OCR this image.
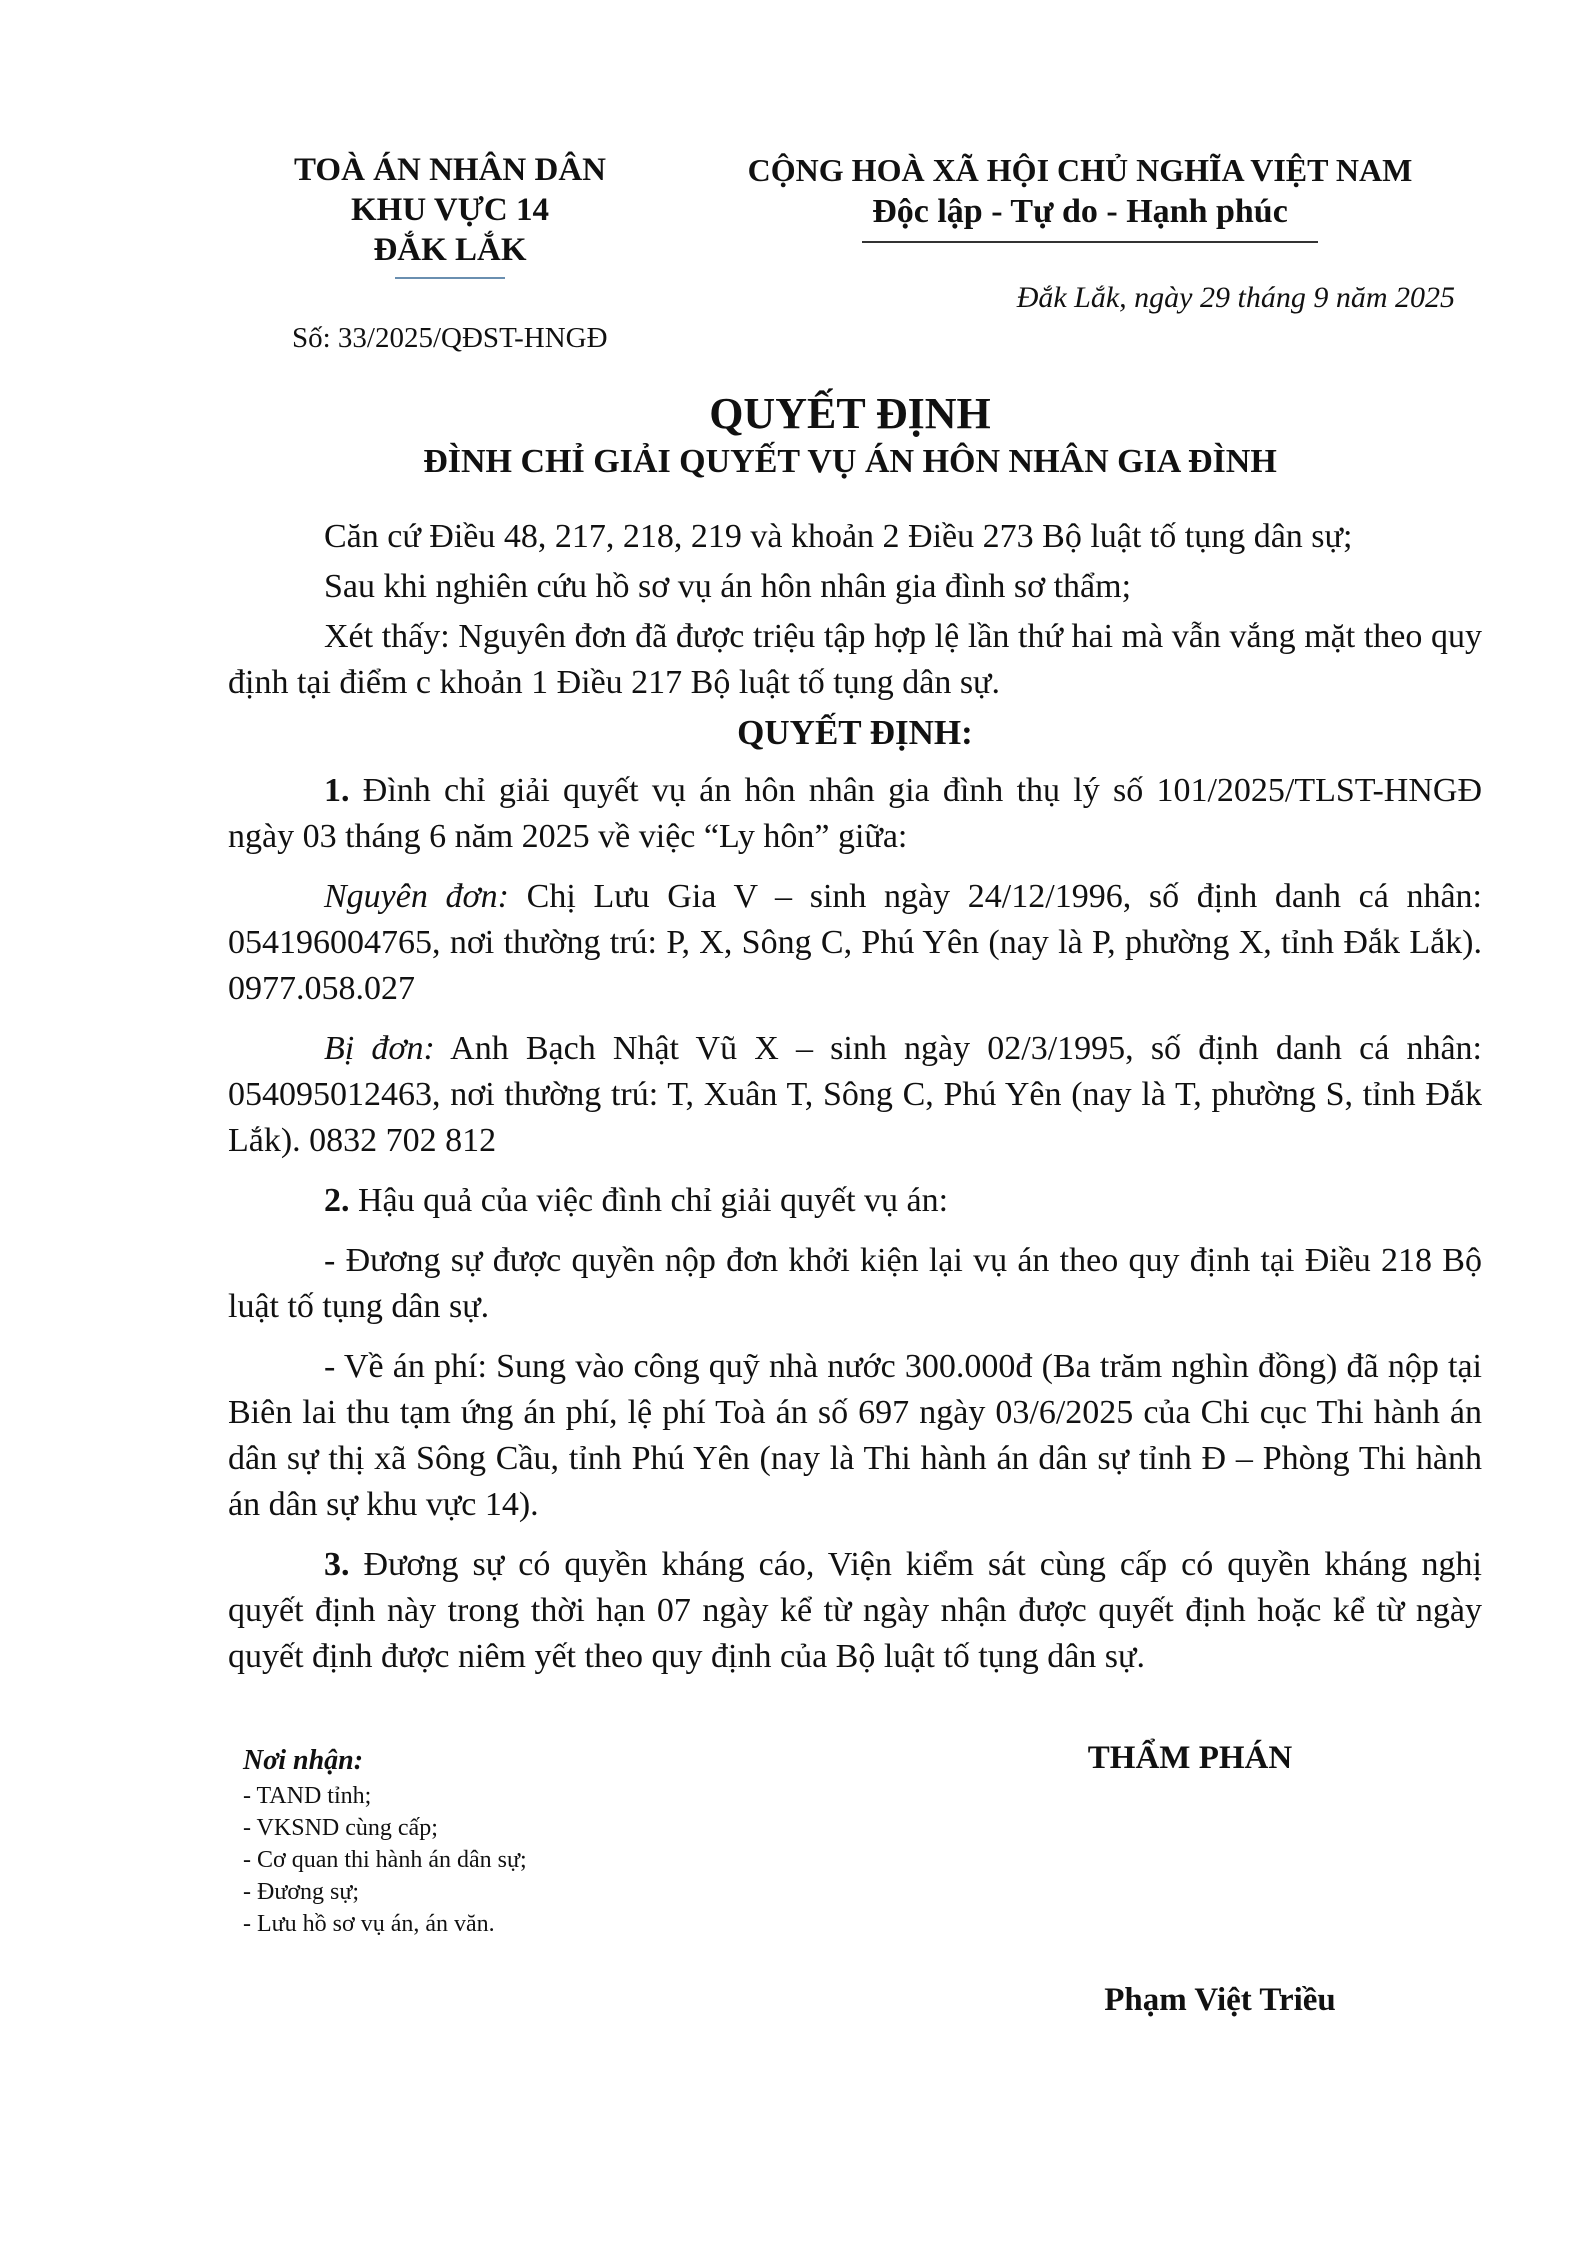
TOÀ ÁN NHÂN DÂN
KHU VỰC 14
ĐẮK LẮK
Số: 33/2025/QĐST-HNGĐ
CỘNG HOÀ XÃ HỘI CHỦ NGHĨA VIỆT NAM
Độc lập - Tự do - Hạnh phúc
Đắk Lắk, ngày 29 tháng 9 năm 2025
QUYẾT ĐỊNH
ĐÌNH CHỈ GIẢI QUYẾT VỤ ÁN HÔN NHÂN GIA ĐÌNH

Căn cứ Điều 48, 217, 218, 219 và khoản 2 Điều 273 Bộ luật tố tụng dân sự;

Sau khi nghiên cứu hồ sơ vụ án hôn nhân gia đình sơ thẩm;

Xét thấy: Nguyên đơn đã được triệu tập hợp lệ lần thứ hai mà vẫn vắng mặt theo quy định tại điểm c khoản 1 Điều 217 Bộ luật tố tụng dân sự.

QUYẾT ĐỊNH:

1. Đình chỉ giải quyết vụ án hôn nhân gia đình thụ lý số 101/2025/TLST-HNGĐ ngày 03 tháng 6 năm 2025 về việc “Ly hôn” giữa:

Nguyên đơn: Chị Lưu Gia V – sinh ngày 24/12/1996, số định danh cá nhân: 054196004765, nơi thường trú: P, X, Sông C, Phú Yên (nay là P, phường X, tỉnh Đắk Lắk). 0977.058.027

Bị đơn: Anh Bạch Nhật Vũ X – sinh ngày 02/3/1995, số định danh cá nhân: 054095012463, nơi thường trú: T, Xuân T, Sông C, Phú Yên (nay là T, phường S, tỉnh Đắk Lắk). 0832 702 812

2. Hậu quả của việc đình chỉ giải quyết vụ án:

- Đương sự được quyền nộp đơn khởi kiện lại vụ án theo quy định tại Điều 218 Bộ luật tố tụng dân sự.

- Về án phí: Sung vào công quỹ nhà nước 300.000đ (Ba trăm nghìn đồng) đã nộp tại Biên lai thu tạm ứng án phí, lệ phí Toà án số 697 ngày 03/6/2025 của Chi cục Thi hành án dân sự thị xã Sông Cầu, tỉnh Phú Yên (nay là Thi hành án dân sự tỉnh Đ – Phòng Thi hành án dân sự khu vực 14).

3. Đương sự có quyền kháng cáo, Viện kiểm sát cùng cấp có quyền kháng nghị quyết định này trong thời hạn 07 ngày kể từ ngày nhận được quyết định hoặc kể từ ngày quyết định được niêm yết theo quy định của Bộ luật tố tụng dân sự.

Nơi nhận:
- TAND tỉnh;
- VKSND cùng cấp;
- Cơ quan thi hành án dân sự;
- Đương sự;
- Lưu hồ sơ vụ án, án văn.
THẨM PHÁN
Phạm Việt Triều
